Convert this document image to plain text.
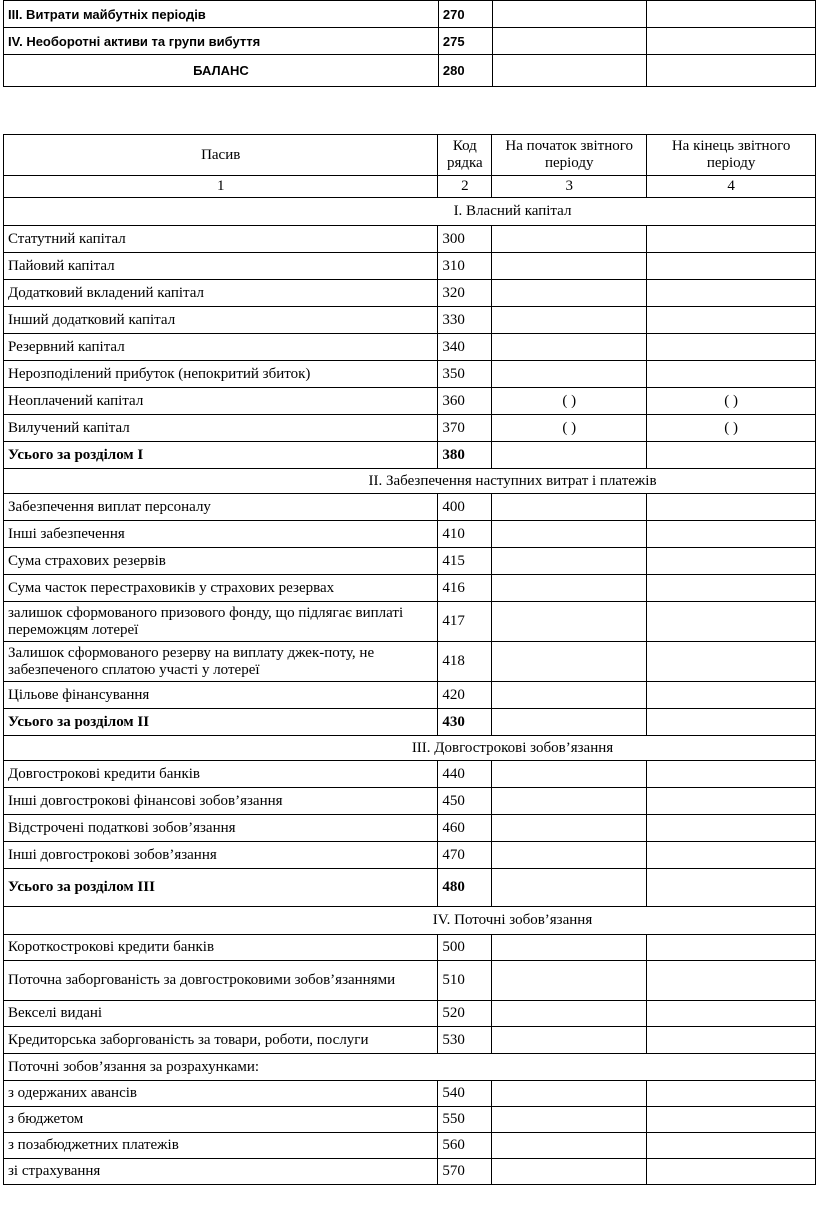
III. Витрати майбутніх періодів	270		
IV. Необоротні активи та групи вибуття	275		
БАЛАНС	280		
Пасив	Код рядка	На початок звітного періоду	На кінець звітного періоду
1	2	3	4
I. Власний капітал			
Статутний капітал	300		
Пайовий капітал	310		
Додатковий вкладений капітал	320		
Інший додатковий капітал	330		
Резервний капітал	340		
Нерозподілений прибуток (непокритий збиток)	350		
Неоплачений капітал	360	( )	( )
Вилучений капітал	370	( )	( )
Усього за розділом I	380		
II. Забезпечення наступних витрат і платежів			
Забезпечення виплат персоналу	400		
Інші забезпечення	410		
Сума страхових резервів	415		
Сума часток перестраховиків у страхових резервах	416		
залишок сформованого призового фонду, що підлягає виплаті переможцям лотереї	417		
Залишок сформованого резерву на виплату джек-поту, не забезпеченого сплатою участі у лотереї	418		
Цільове фінансування	420		
Усього за розділом II	430		
III. Довгострокові зобов’язання			
Довгострокові кредити банків	440		
Інші довгострокові фінансові зобов’язання	450		
Відстрочені податкові зобов’язання	460		
Інші довгострокові зобов’язання	470		
Усього за розділом III	480		
IV. Поточні зобов’язання			
Короткострокові кредити банків	500		
Поточна заборгованість за довгостроковими зобов’язаннями	510		
Векселі видані	520		
Кредиторська заборгованість за товари, роботи, послуги	530		
Поточні зобов’язання за розрахунками:			
з одержаних авансів	540		
з бюджетом	550		
з позабюджетних платежів	560		
зі страхування	570		
